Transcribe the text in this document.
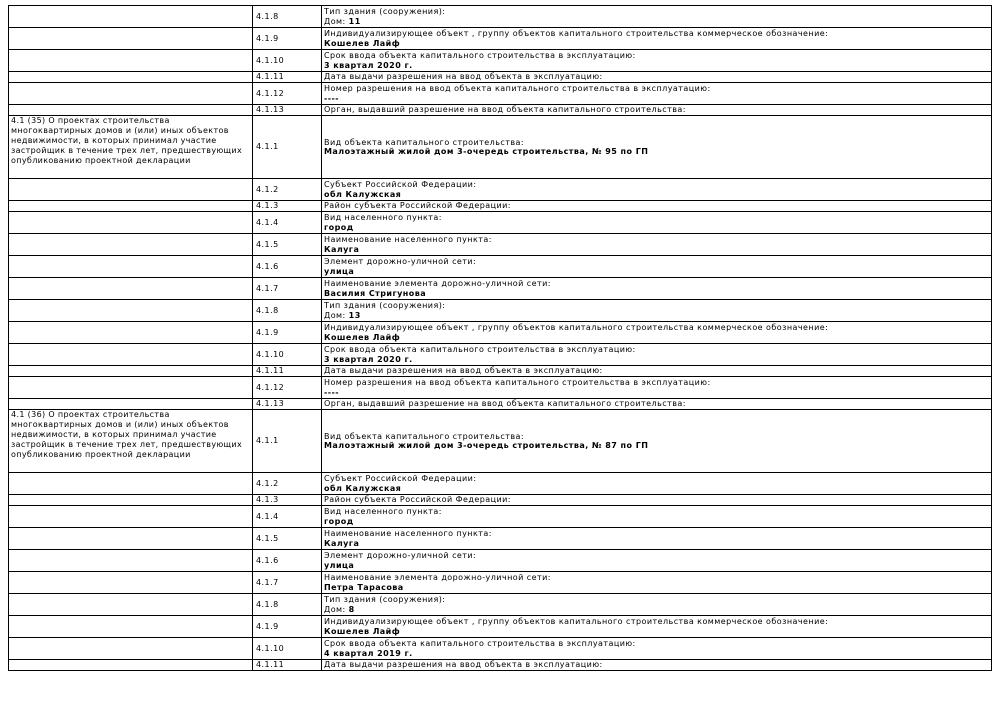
	4.1.8	Тип здания (сооружения):
Дом: 11

	4.1.9	Индивидуализирующее объект , группу объектов капитального строительства коммерческое обозначение:
Кошелев Лайф

	4.1.10	Срок ввода объекта капитального строительства в эксплуатацию:
3 квартал 2020 г.

	4.1.11	Дата выдачи разрешения на ввод объекта в эксплуатацию:

	4.1.12	Номер разрешения на ввод объекта капитального строительства в эксплуатацию:
----

	4.1.13	Орган, выдавший разрешение на ввод объекта капитального строительства:

4.1 (35) О проектах строительства многоквартирных домов и (или) иных объектов недвижимости, в которых принимал участие застройщик в течение трех лет, предшествующих опубликованию проектной декларации	4.1.1	Вид объекта капитального строительства:
Малоэтажный жилой дом 3-очередь строительства, № 95 по ГП

	4.1.2	Субъект Российской Федерации:
обл Калужская

	4.1.3	Район субъекта Российской Федерации:

	4.1.4	Вид населенного пункта:
город

	4.1.5	Наименование населенного пункта:
Калуга

	4.1.6	Элемент дорожно-уличной сети:
улица

	4.1.7	Наименование элемента дорожно-уличной сети:
Василия Стригунова

	4.1.8	Тип здания (сооружения):
Дом: 13

	4.1.9	Индивидуализирующее объект , группу объектов капитального строительства коммерческое обозначение:
Кошелев Лайф

	4.1.10	Срок ввода объекта капитального строительства в эксплуатацию:
3 квартал 2020 г.

	4.1.11	Дата выдачи разрешения на ввод объекта в эксплуатацию:

	4.1.12	Номер разрешения на ввод объекта капитального строительства в эксплуатацию:
----

	4.1.13	Орган, выдавший разрешение на ввод объекта капитального строительства:

4.1 (36) О проектах строительства многоквартирных домов и (или) иных объектов недвижимости, в которых принимал участие застройщик в течение трех лет, предшествующих опубликованию проектной декларации	4.1.1	Вид объекта капитального строительства:
Малоэтажный жилой дом 3-очередь строительства, № 87 по ГП

	4.1.2	Субъект Российской Федерации:
обл Калужская

	4.1.3	Район субъекта Российской Федерации:

	4.1.4	Вид населенного пункта:
город

	4.1.5	Наименование населенного пункта:
Калуга

	4.1.6	Элемент дорожно-уличной сети:
улица

	4.1.7	Наименование элемента дорожно-уличной сети:
Петра Тарасова

	4.1.8	Тип здания (сооружения):
Дом: 8

	4.1.9	Индивидуализирующее объект , группу объектов капитального строительства коммерческое обозначение:
Кошелев Лайф

	4.1.10	Срок ввода объекта капитального строительства в эксплуатацию:
4 квартал 2019 г.

	4.1.11	Дата выдачи разрешения на ввод объекта в эксплуатацию:
